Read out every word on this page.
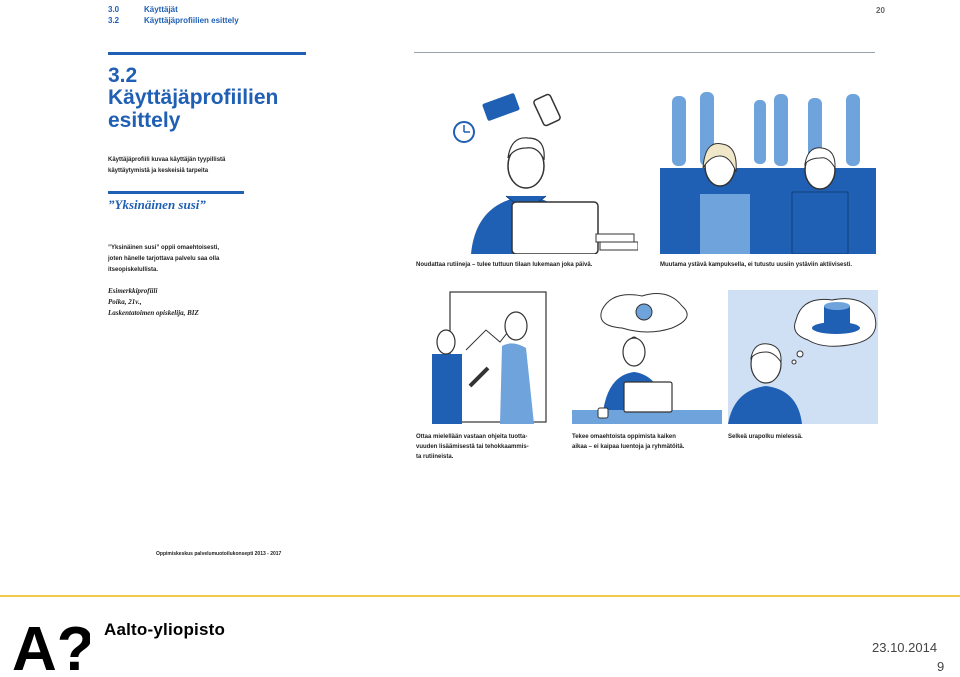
3.0	Käyttäjät
3.2	Käyttäjäprofiilien esittely
20
3.2
Käyttäjäprofiilien
esittely
Käyttäjäprofiili kuvaa käyttäjän tyypillistä
käyttäytymistä ja keskeisiä tarpeita
”Yksinäinen susi”
”Yksinäinen susi” oppii omaehtoisesti,
joten hänelle tarjottava palvelu saa olla
itseopiskelullista.
Esimerkkiprofiili
Poika, 21v.,
Laskentatoimen opiskelija, BIZ
Oppimiskeskus palvelumuotoilukonsepti 2013 - 2017
Noudattaa rutiineja – tulee tuttuun tilaan lukemaan joka päivä.	Muutama ystävä kampuksella, ei tutustu uusiin ystäviin aktiivisesti.
Ottaa mielellään vastaan ohjeita tuotta-
vuuden lisäämisestä tai tehokkaammis-
ta rutiineista.
Tekee omaehtoista oppimista kaiken
aikaa – ei kaipaa luentoja ja ryhmätöitä.
Selkeä urapolku mielessä.
A? Aalto-yliopisto
23.10.2014
9
